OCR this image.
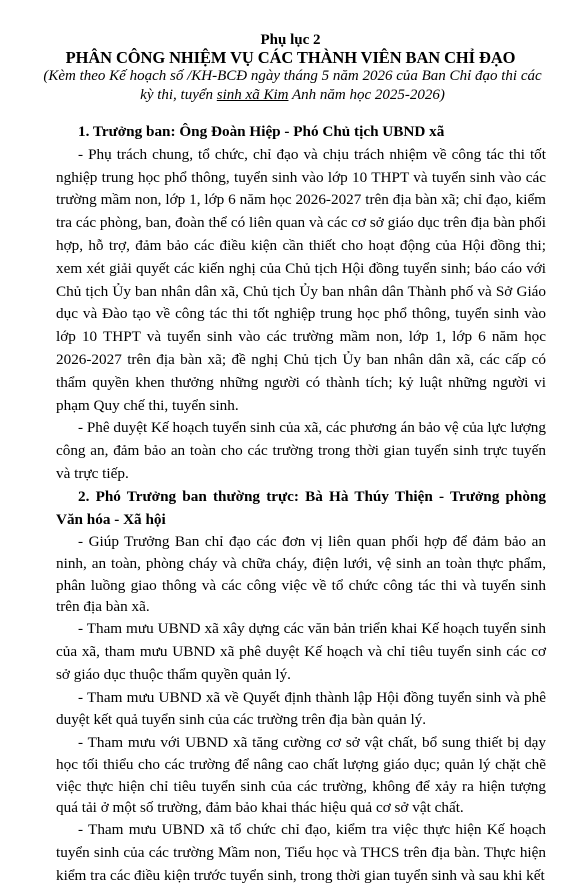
Phụ lục 2
PHÂN CÔNG NHIỆM VỤ CÁC THÀNH VIÊN BAN CHỈ ĐẠO
(Kèm theo Kế hoạch số /KH-BCĐ ngày tháng 5 năm 2026 của Ban Chỉ đạo thi các kỳ thi, tuyển sinh xã Kim Anh năm học 2025-2026)

1. Trưởng ban: Ông Đoàn Hiệp - Phó Chủ tịch UBND xã

- Phụ trách chung, tổ chức, chỉ đạo và chịu trách nhiệm về công tác thi tốt nghiệp trung học phổ thông, tuyển sinh vào lớp 10 THPT và tuyển sinh vào các trường mầm non, lớp 1, lớp 6 năm học 2026-2027 trên địa bàn xã; chỉ đạo, kiểm tra các phòng, ban, đoàn thể có liên quan và các cơ sở giáo dục trên địa bàn phối hợp, hỗ trợ, đảm bảo các điều kiện cần thiết cho hoạt động của Hội đồng thi; xem xét giải quyết các kiến nghị của Chủ tịch Hội đồng tuyển sinh; báo cáo với Chủ tịch Ủy ban nhân dân xã, Chủ tịch Ủy ban nhân dân Thành phố và Sở Giáo dục và Đào tạo về công tác thi tốt nghiệp trung học phổ thông, tuyển sinh vào lớp 10 THPT và tuyển sinh vào các trường mầm non, lớp 1, lớp 6 năm học 2026-2027 trên địa bàn xã; đề nghị Chủ tịch Ủy ban nhân dân xã, các cấp có thẩm quyền khen thưởng những người có thành tích; kỷ luật những người vi phạm Quy chế thi, tuyển sinh.

- Phê duyệt Kế hoạch tuyển sinh của xã, các phương án bảo vệ của lực lượng công an, đảm bảo an toàn cho các trường trong thời gian tuyển sinh trực tuyến và trực tiếp.

2. Phó Trưởng ban thường trực: Bà Hà Thúy Thiện - Trưởng phòng Văn hóa - Xã hội

- Giúp Trưởng Ban chỉ đạo các đơn vị liên quan phối hợp để đảm bảo an ninh, an toàn, phòng cháy và chữa cháy, điện lưới, vệ sinh an toàn thực phẩm, phân luồng giao thông và các công việc về tổ chức công tác thi và tuyển sinh trên địa bàn xã.

- Tham mưu UBND xã xây dựng các văn bản triển khai Kế hoạch tuyển sinh của xã, tham mưu UBND xã phê duyệt Kế hoạch và chỉ tiêu tuyển sinh các cơ sở giáo dục thuộc thẩm quyền quản lý.

- Tham mưu UBND xã về Quyết định thành lập Hội đồng tuyển sinh và phê duyệt kết quả tuyển sinh của các trường trên địa bàn quản lý.

- Tham mưu với UBND xã tăng cường cơ sở vật chất, bổ sung thiết bị dạy học tối thiểu cho các trường để nâng cao chất lượng giáo dục; quản lý chặt chẽ việc thực hiện chỉ tiêu tuyển sinh của các trường, không để xảy ra hiện tượng quá tải ở một số trường, đảm bảo khai thác hiệu quả cơ sở vật chất.

- Tham mưu UBND xã tổ chức chỉ đạo, kiểm tra việc thực hiện Kế hoạch tuyển sinh của các trường Mầm non, Tiểu học và THCS trên địa bàn. Thực hiện kiểm tra các điều kiện trước tuyển sinh, trong thời gian tuyển sinh và sau khi kết
